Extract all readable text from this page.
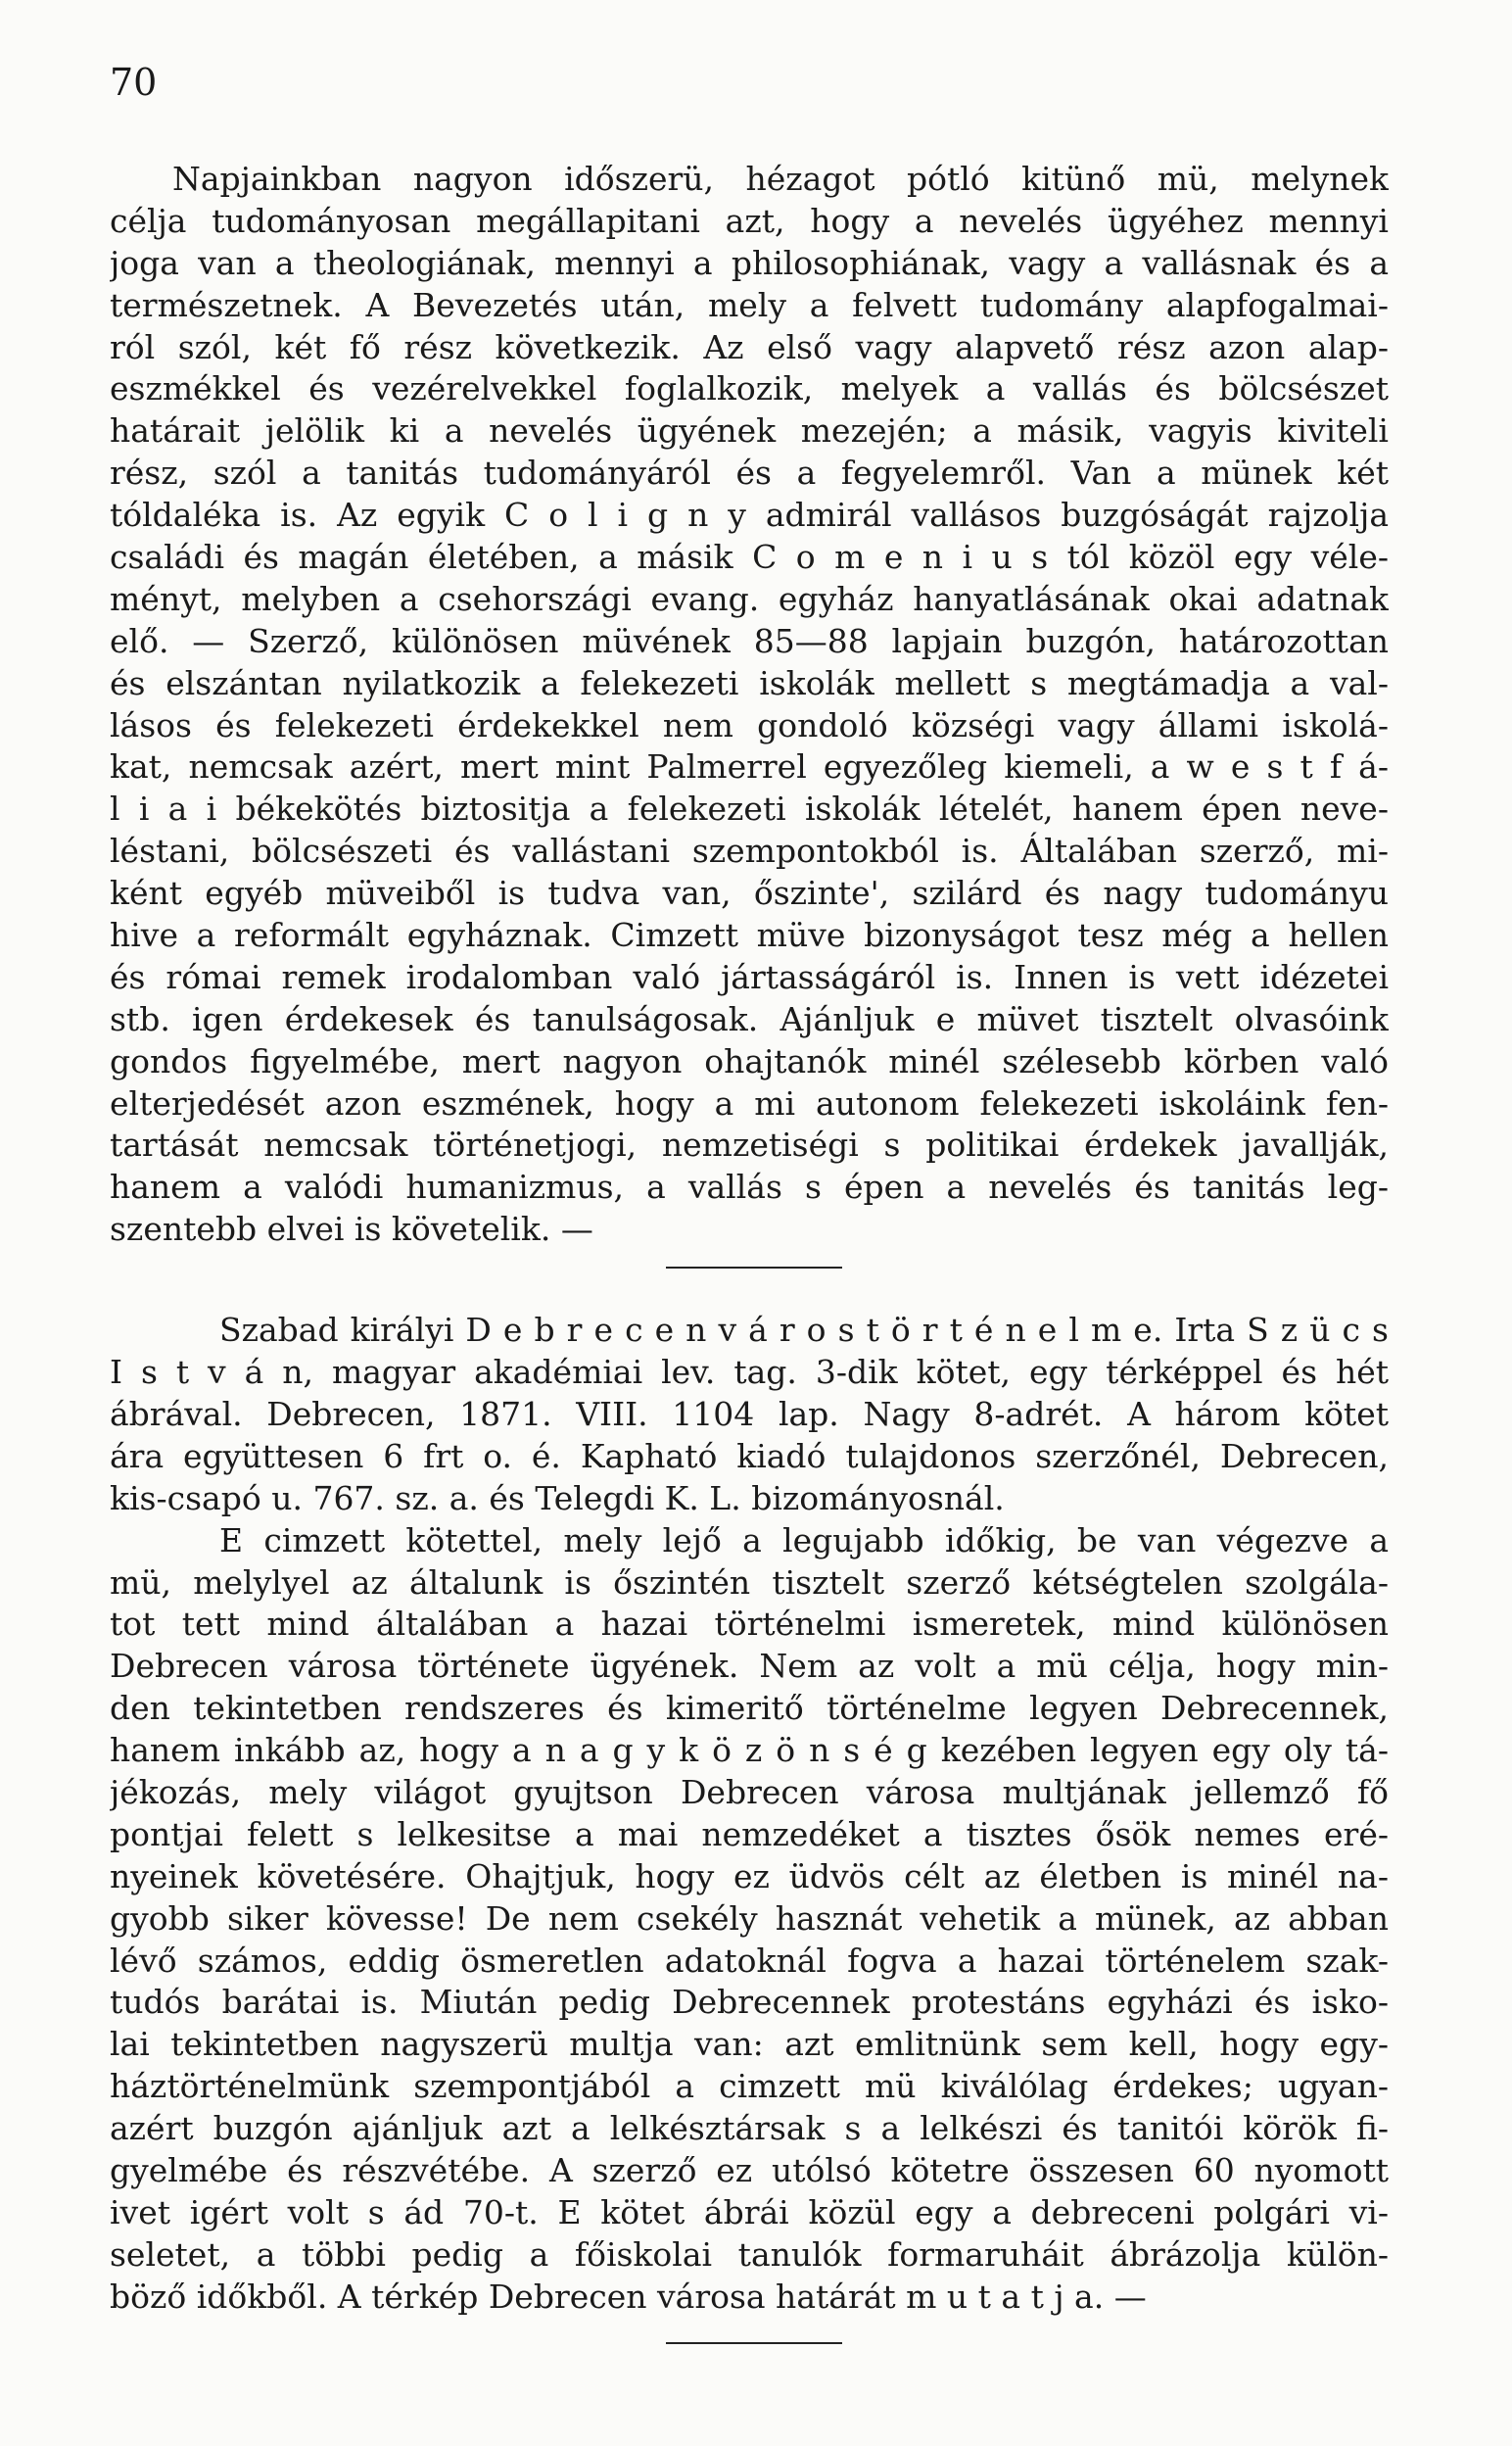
70
Napjainkban nagyon időszerü, hézagot pótló kitünő mü, melynek
célja tudományosan megállapitani azt, hogy a nevelés ügyéhez mennyi
joga van a theologiának, mennyi a philosophiának, vagy a vallásnak és a
természetnek. A Bevezetés után, mely a felvett tudomány alapfogalmai-
ról szól, két fő rész következik. Az első vagy alapvető rész azon alap-
eszmékkel és vezérelvekkel foglalkozik, melyek a vallás és bölcsészet
határait jelölik ki a nevelés ügyének mezején; a másik, vagyis kiviteli
rész, szól a tanitás tudományáról és a fegyelemről. Van a münek két
tóldaléka is. Az egyik C o l i g n y admirál vallásos buzgóságát rajzolja
családi és magán életében, a másik C o m e n i u s tól közöl egy véle-
ményt, melyben a csehországi evang. egyház hanyatlásának okai adatnak
elő. — Szerző, különösen müvének 85—88 lapjain buzgón, határozottan
és elszántan nyilatkozik a felekezeti iskolák mellett s megtámadja a val-
lásos és felekezeti érdekekkel nem gondoló községi vagy állami iskolá-
kat, nemcsak azért, mert mint Palmerrel egyezőleg kiemeli, a w e s t f á-
l i a i békekötés biztositja a felekezeti iskolák lételét, hanem épen neve-
léstani, bölcsészeti és vallástani szempontokból is. Általában szerző, mi-
ként egyéb müveiből is tudva van, őszinte', szilárd és nagy tudományu
hive a reformált egyháznak. Cimzett müve bizonyságot tesz még a hellen
és római remek irodalomban való jártasságáról is. Innen is vett idézetei
stb. igen érdekesek és tanulságosak. Ajánljuk e müvet tisztelt olvasóink
gondos figyelmébe, mert nagyon ohajtanók minél szélesebb körben való
elterjedését azon eszmének, hogy a mi autonom felekezeti iskoláink fen-
tartását nemcsak történetjogi, nemzetiségi s politikai érdekek javallják,
hanem a valódi humanizmus, a vallás s épen a nevelés és tanitás leg-
szentebb elvei is követelik. —
Szabad királyi D e b r e c e n v á r o s t ö r t é n e l m e. Irta S z ü c s
I s t v á n, magyar akadémiai lev. tag. 3-dik kötet, egy térképpel és hét
ábrával. Debrecen, 1871. VIII. 1104 lap. Nagy 8-adrét. A három kötet
ára együttesen 6 frt o. é. Kapható kiadó tulajdonos szerzőnél, Debrecen,
kis-csapó u. 767. sz. a. és Telegdi K. L. bizományosnál.
E cimzett kötettel, mely lejő a legujabb időkig, be van végezve a
mü, melylyel az általunk is őszintén tisztelt szerző kétségtelen szolgála-
tot tett mind általában a hazai történelmi ismeretek, mind különösen
Debrecen városa története ügyének. Nem az volt a mü célja, hogy min-
den tekintetben rendszeres és kimeritő történelme legyen Debrecennek,
hanem inkább az, hogy a n a g y k ö z ö n s é g kezében legyen egy oly tá-
jékozás, mely világot gyujtson Debrecen városa multjának jellemző fő
pontjai felett s lelkesitse a mai nemzedéket a tisztes ősök nemes eré-
nyeinek követésére. Ohajtjuk, hogy ez üdvös célt az életben is minél na-
gyobb siker kövesse! De nem csekély hasznát vehetik a münek, az abban
lévő számos, eddig ösmeretlen adatoknál fogva a hazai történelem szak-
tudós barátai is. Miután pedig Debrecennek protestáns egyházi és isko-
lai tekintetben nagyszerü multja van: azt emlitnünk sem kell, hogy egy-
háztörténelmünk szempontjából a cimzett mü kiválólag érdekes; ugyan-
azért buzgón ajánljuk azt a lelkésztársak s a lelkészi és tanitói körök fi-
gyelmébe és részvétébe. A szerző ez utólsó kötetre összesen 60 nyomott
ivet igért volt s ád 70-t. E kötet ábrái közül egy a debreceni polgári vi-
seletet, a többi pedig a főiskolai tanulók formaruháit ábrázolja külön-
böző időkből. A térkép Debrecen városa határát m u t a t j a. —
